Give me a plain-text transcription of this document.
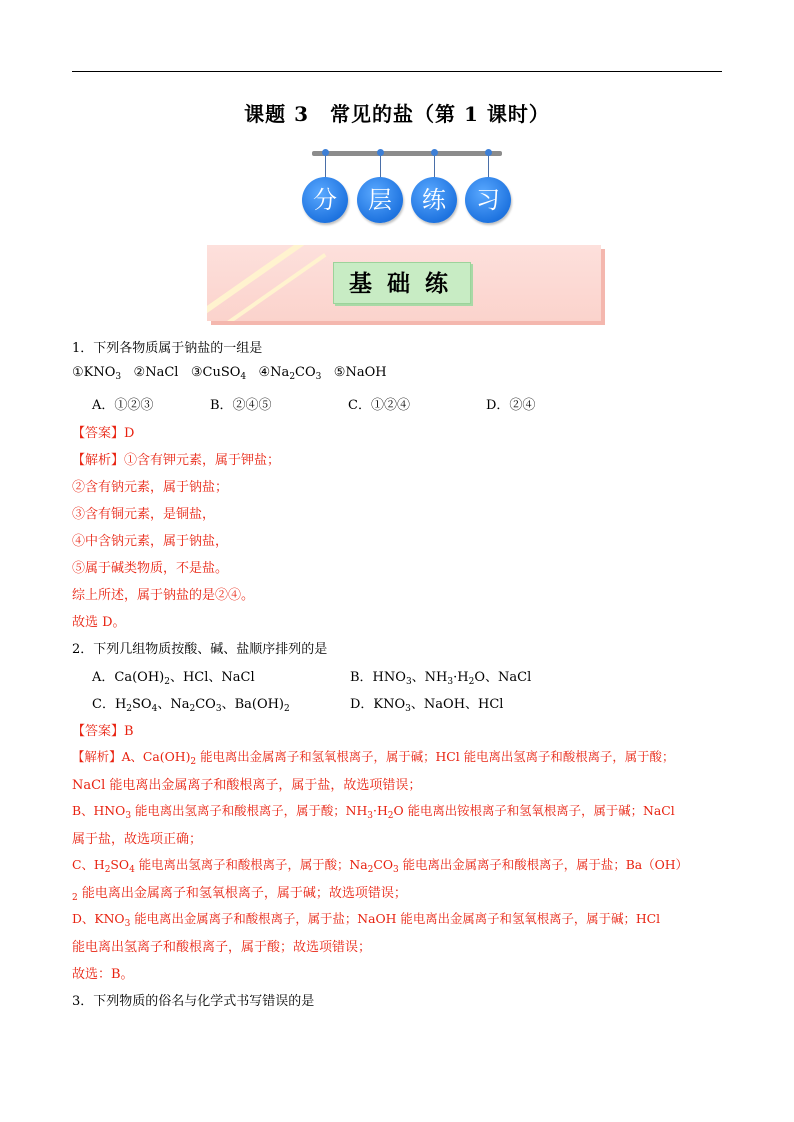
课题 3　常见的盐（第 1 课时）
分	层	练	习
基础练
1．下列各物质属于钠盐的一组是
$①KNO_3$ ②NaCl ③CuSO$_4$ $④Na_2CO_3$ ⑤NaOH
A．①②③	B．②④⑤	C．①②④	D．②④
【答案】D
【解析】①含有钾元素，属于钾盐；
②含有钠元素，属于钠盐；
③含有铜元素，是铜盐，
④中含钠元素，属于钠盐，
⑤属于碱类物质，不是盐。
综上所述，属于钠盐的是②④。
故选 D。
2．下列几组物质按酸、碱、盐顺序排列的是
A．$Ca(OH)_2$、HCl、NaCl	B．$HNO_3$、$NH_3\cdot H_2O$、NaCl
C．$H_2SO_4$、$Na_2CO_3$、$Ba(OH)_2$	D．$KNO_3$、NaOH、HCl
【答案】B
【解析】A、$Ca(OH)_2$ 能电离出金属离子和氢氧根离子，属于碱；HCl 能电离出氢离子和酸根离子，属于酸；
NaCl 能电离出金属离子和酸根离子，属于盐，故选项错误；
B、$HNO_3$ 能电离出氢离子和酸根离子，属于酸；$NH_3\cdot H_2O$ 能电离出铵根离子和氢氧根离子，属于碱；NaCl
属于盐，故选项正确；
C、$H_2SO_4$ 能电离出氢离子和酸根离子，属于酸；$Na_2CO_3$ 能电离出金属离子和酸根离子，属于盐；Ba（OH）
$_2$ 能电离出金属离子和氢氧根离子，属于碱；故选项错误；
D、$KNO_3$ 能电离出金属离子和酸根离子，属于盐；NaOH 能电离出金属离子和氢氧根离子，属于碱；HCl
能电离出氢离子和酸根离子，属于酸；故选项错误；
故选：B。
3．下列物质的俗名与化学式书写错误的是
